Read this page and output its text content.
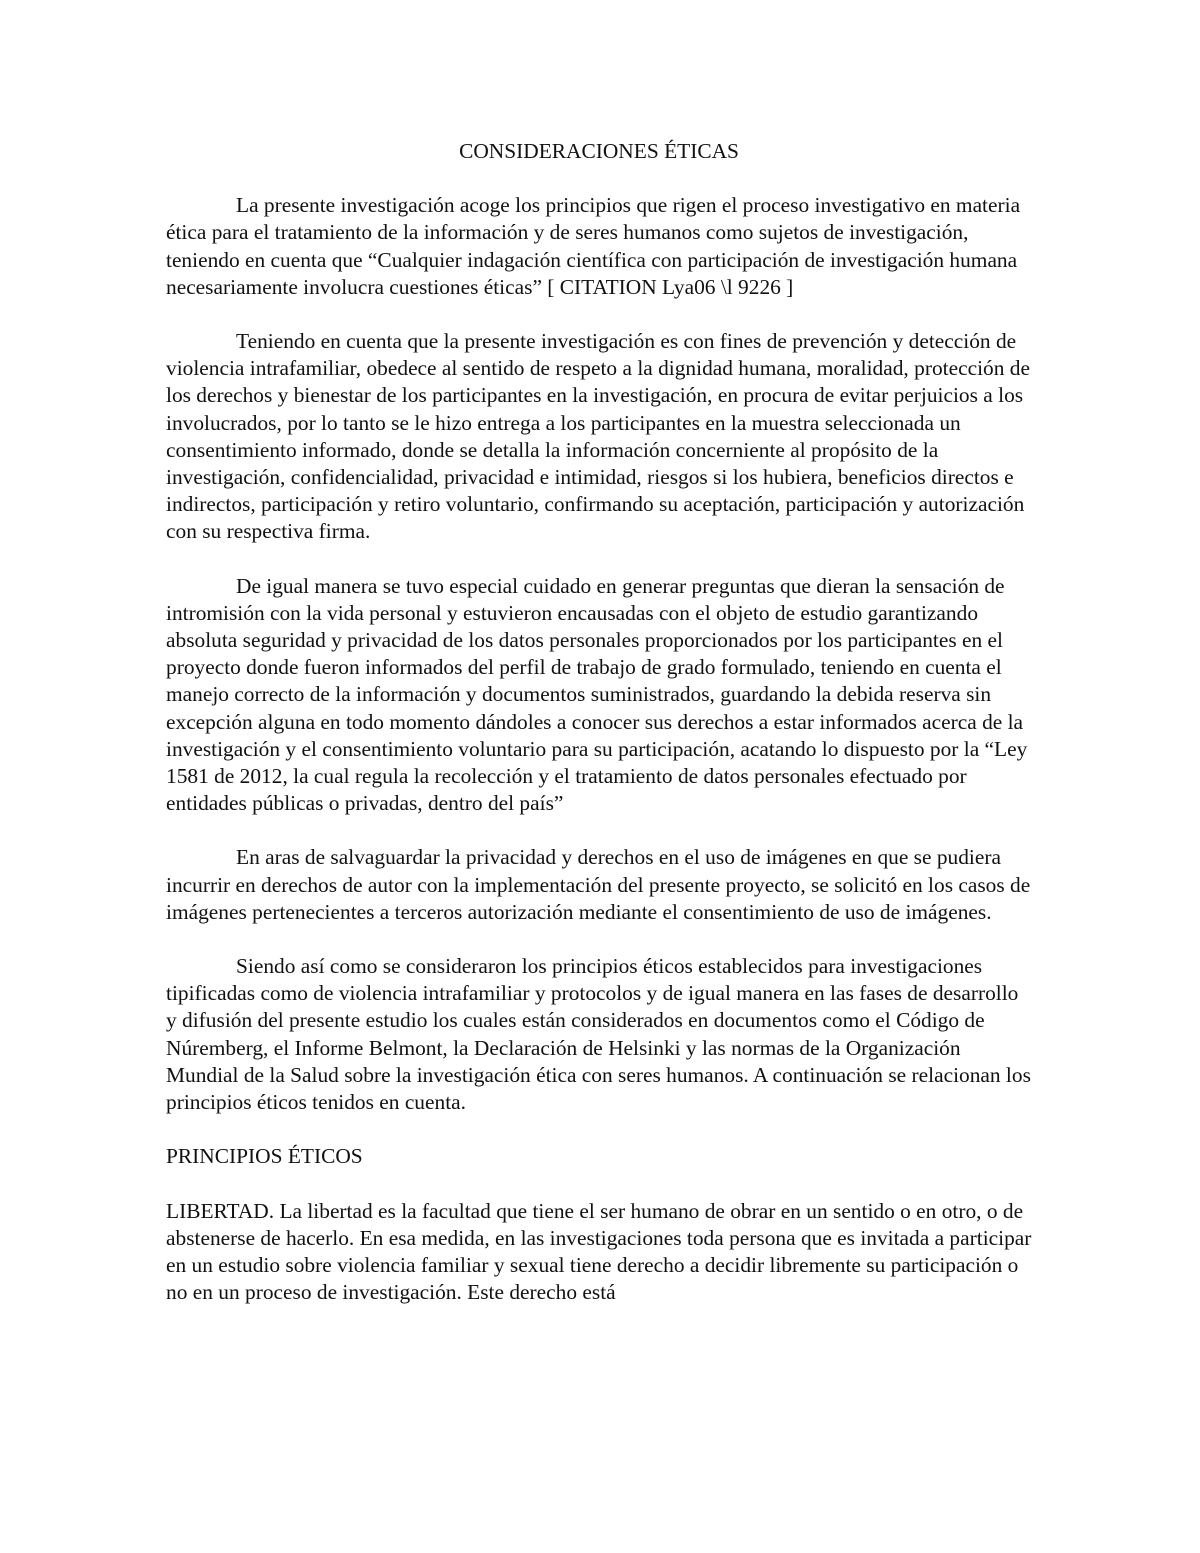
CONSIDERACIONES ÉTICAS

La presente investigación acoge los principios que rigen el proceso investigativo en materia ética para el tratamiento de la información y de seres humanos como sujetos de investigación, teniendo en cuenta que “Cualquier indagación científica con participación de investigación humana necesariamente involucra cuestiones éticas” [ CITATION Lya06 \l 9226 ]

Teniendo en cuenta que la presente investigación es con fines de prevención y detección de violencia intrafamiliar, obedece al sentido de respeto a la dignidad humana, moralidad, protección de los derechos y bienestar de los participantes en la investigación, en procura de evitar perjuicios a los involucrados, por lo tanto se le hizo entrega a los participantes en la muestra seleccionada un consentimiento informado, donde se detalla la información concerniente al propósito de la investigación, confidencialidad, privacidad e intimidad, riesgos si los hubiera, beneficios directos e indirectos, participación y retiro voluntario, confirmando su aceptación, participación y autorización con su respectiva firma.

De igual manera se tuvo especial cuidado en generar preguntas que dieran la sensación de intromisión con la vida personal y estuvieron encausadas con el objeto de estudio garantizando absoluta seguridad y privacidad de los datos personales proporcionados por los participantes en el proyecto donde fueron informados del perfil de trabajo de grado formulado, teniendo en cuenta el manejo correcto de la información y documentos suministrados, guardando la debida reserva sin excepción alguna en todo momento dándoles a conocer sus derechos a estar informados acerca de la investigación y el consentimiento voluntario para su participación, acatando lo dispuesto por la “Ley 1581 de 2012, la cual regula la recolección y el tratamiento de datos personales efectuado por entidades públicas o privadas, dentro del país”

En aras de salvaguardar la privacidad y derechos en el uso de imágenes en que se pudiera incurrir en derechos de autor con la implementación del presente proyecto, se solicitó en los casos de imágenes pertenecientes a terceros autorización mediante el consentimiento de uso de imágenes.

Siendo así como se consideraron los principios éticos establecidos para investigaciones tipificadas como de violencia intrafamiliar y protocolos y de igual manera en las fases de desarrollo y difusión del presente estudio los cuales están considerados en documentos como el Código de Núremberg, el Informe Belmont, la Declaración de Helsinki y las normas de la Organización Mundial de la Salud sobre la investigación ética con seres humanos. A continuación se relacionan los principios éticos tenidos en cuenta.

PRINCIPIOS ÉTICOS

LIBERTAD. La libertad es la facultad que tiene el ser humano de obrar en un sentido o en otro, o de abstenerse de hacerlo. En esa medida, en las investigaciones toda persona que es invitada a participar en un estudio sobre violencia familiar y sexual tiene derecho a decidir libremente su participación o no en un proceso de investigación. Este derecho está
